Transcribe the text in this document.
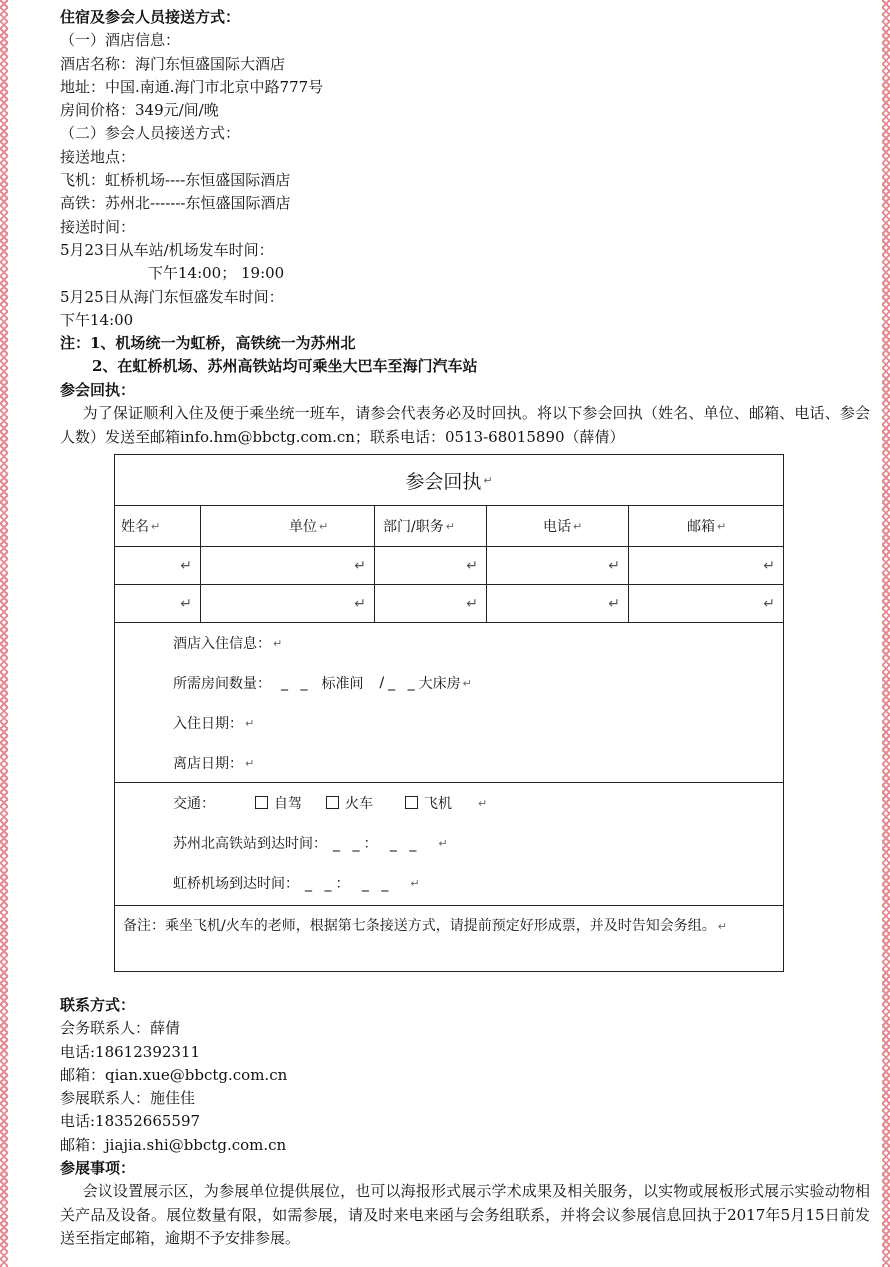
住宿及参会人员接送方式：
（一）酒店信息：
酒店名称：海门东恒盛国际大酒店
地址：中国.南通.海门市北京中路777号
房间价格：349元/间/晚
（二）参会人员接送方式：
接送地点：
飞机：虹桥机场----东恒盛国际酒店
高铁：苏州北-------东恒盛国际酒店
接送时间：
5月23日从车站/机场发车时间：
下午14:00； 19:00
5月25日从海门东恒盛发车时间：
下午14:00
注：1、机场统一为虹桥，高铁统一为苏州北
2、在虹桥机场、苏州高铁站均可乘坐大巴车至海门汽车站
参会回执：
  为了保证顺利入住及便于乘坐统一班车，请参会代表务必及时回执。将以下参会回执（姓名、单位、邮箱、电话、参会人数）发送至邮箱info.hm@bbctg.com.cn；联系电话：0513-68015890（薛倩）
参会回执 ↵
姓名 ↵	单位 ↵	部门/职务 ↵	电话 ↵	邮箱 ↵
↵	↵	↵	↵	↵
↵	↵	↵	↵	↵
酒店入住信息： ↵
所需房间数量： _ _ 标准间 /_ _ 大床房 ↵
入住日期： ↵
离店日期： ↵
交通：	自驾	火车	飞机 ↵
苏州北高铁站到达时间： _ _： _ _ ↵
虹桥机场到达时间： _ _： _ _ ↵
备注：乘坐飞机/火车的老师，根据第七条接送方式，请提前预定好形成票，并及时告知会务组。 ↵
联系方式：
会务联系人：薛倩
电话:18612392311
邮箱：qian.xue@bbctg.com.cn
参展联系人：施佳佳
电话:18352665597
邮箱：jiajia.shi@bbctg.com.cn
参展事项：
  会议设置展示区，为参展单位提供展位，也可以海报形式展示学术成果及相关服务，以实物或展板形式展示实验动物相关产品及设备。展位数量有限，如需参展，请及时来电来函与会务组联系，并将会议参展信息回执于2017年5月15日前发送至指定邮箱，逾期不予安排参展。
